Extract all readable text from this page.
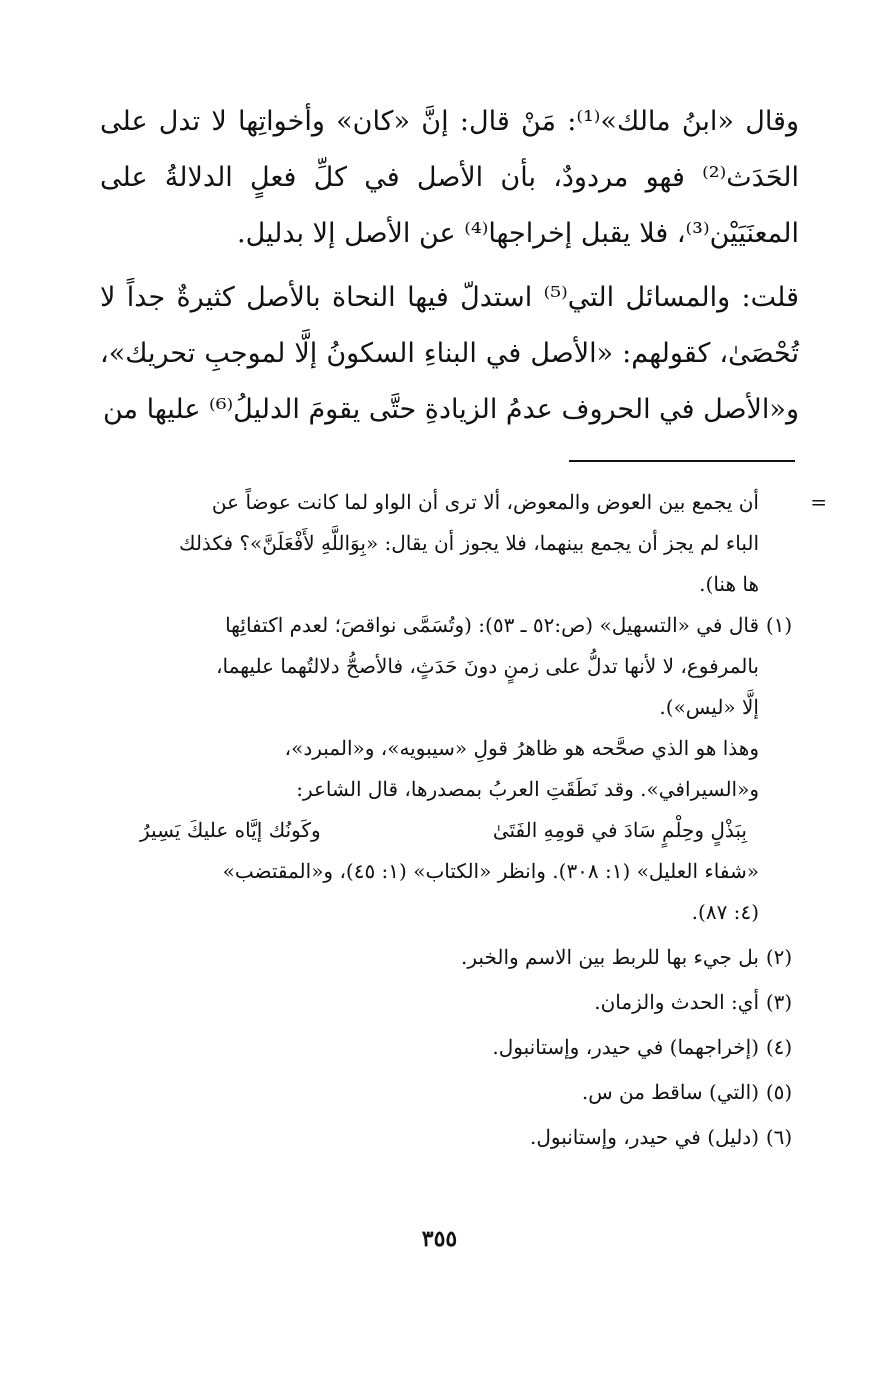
وقال «ابنُ مالك»⁽¹⁾: مَنْ قال: إنَّ «كان» وأخواتِها لا تدل على الحَدَث⁽²⁾ فهو مردودٌ، بأن الأصل في كلِّ فعلٍ الدلالةُ على المعنَيَيْن⁽³⁾، فلا يقبل إخراجها⁽⁴⁾ عن الأصل إلا بدليل.

قلت: والمسائل التي⁽⁵⁾ استدلّ فيها النحاة بالأصل كثيرةٌ جداً لا تُحْصَىٰ، كقولهم: «الأصل في البناءِ السكونُ إلَّا لموجبِ تحريك»، و«الأصل في الحروف عدمُ الزيادةِ حتَّى يقومَ الدليلُ⁽⁶⁾ عليها من

=
أن يجمع بين العوض والمعوض، ألا ترى أن الواو لما كانت عوضاً عن
الباء لم يجز أن يجمع بينهما، فلا يجوز أن يقال: «بِوَاللَّهِ لأَفْعَلَنَّ»؟ فكذلك
ها هنا).
(١)
قال في «التسهيل» (ص:٥٢ ـ ٥٣): (وتُسَمَّى نواقصَ؛ لعدم اكتفائِها
بالمرفوع، لا لأنها تدلُّ على زمنٍ دونَ حَدَثٍ، فالأصحُّ دلالتُهما عليهما،
إلَّا «ليس»).
وهذا هو الذي صحَّحه هو ظاهرُ قولِ «سيبويه»، و«المبرد»،
و«السيرافي». وقد نَطَقَتِ العربُ بمصدرها، قال الشاعر:
بِبَذْلٍ وحِلْمٍ سَادَ في قومِهِ الفَتَىٰ
وكَونُك إيَّاه عليكَ يَسِيرُ
«شفاء العليل» (١: ٣٠٨). وانظر «الكتاب» (١: ٤٥)، و«المقتضب»
(٤: ٨٧).
(٢)
بل جيء بها للربط بين الاسم والخبر.
(٣)
أي: الحدث والزمان.
(٤)
(إخراجهما) في حيدر، وإستانبول.
(٥)
(التي) ساقط من س.
(٦)
(دليل) في حيدر، وإستانبول.
٣٥٥
